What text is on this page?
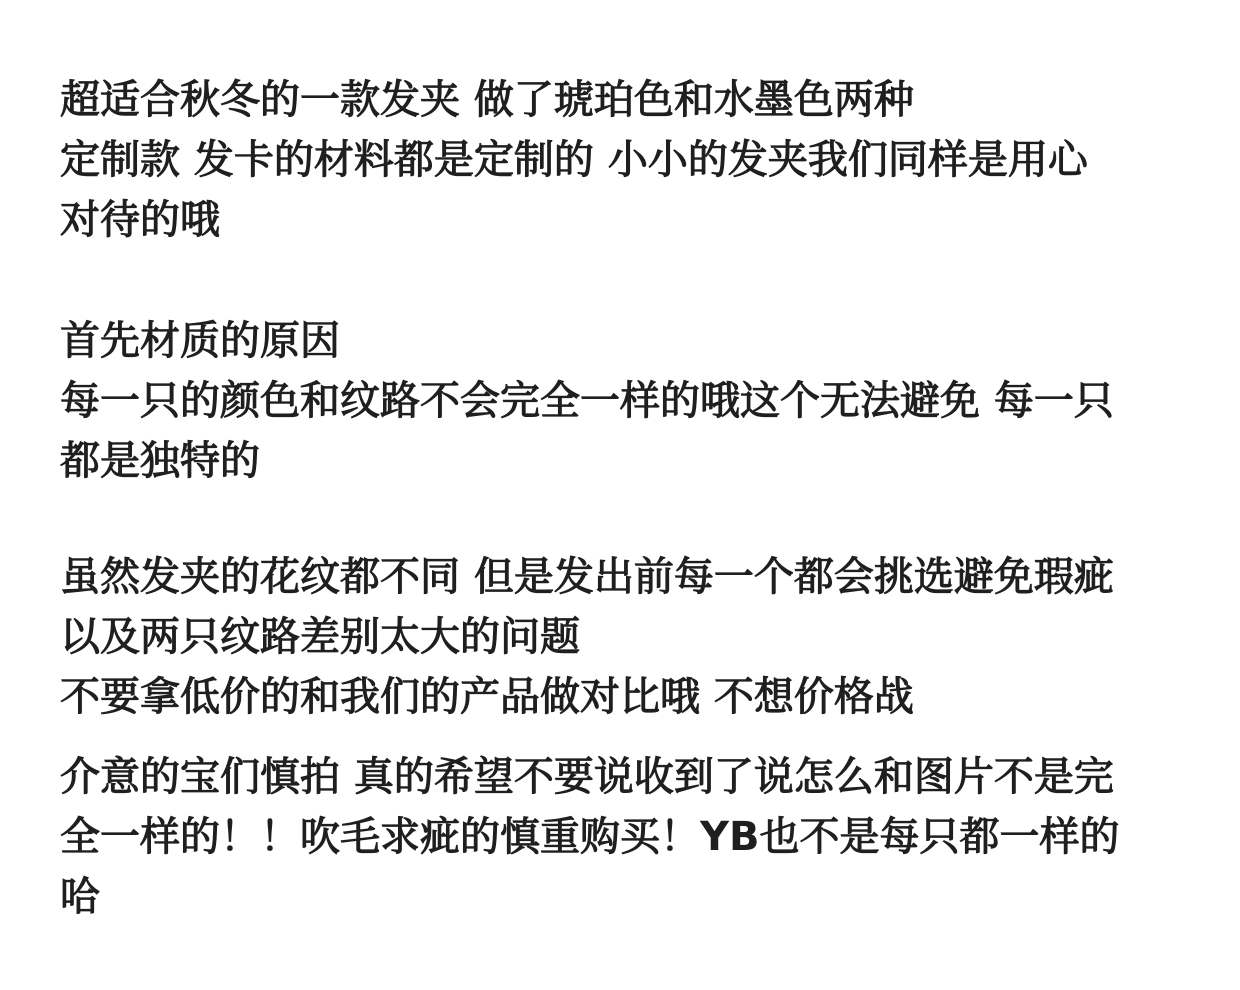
超适合秋冬的一款发夹 做了琥珀色和水墨色两种
定制款 发卡的材料都是定制的 小小的发夹我们同样是用心
对待的哦
首先材质的原因
每一只的颜色和纹路不会完全一样的哦这个无法避免 每一只
都是独特的
虽然发夹的花纹都不同 但是发出前每一个都会挑选避免瑕疵
以及两只纹路差别太大的问题
不要拿低价的和我们的产品做对比哦 不想价格战
介意的宝们慎拍 真的希望不要说收到了说怎么和图片不是完
全一样的！！吹毛求疵的慎重购买！YB也不是每只都一样的
哈
